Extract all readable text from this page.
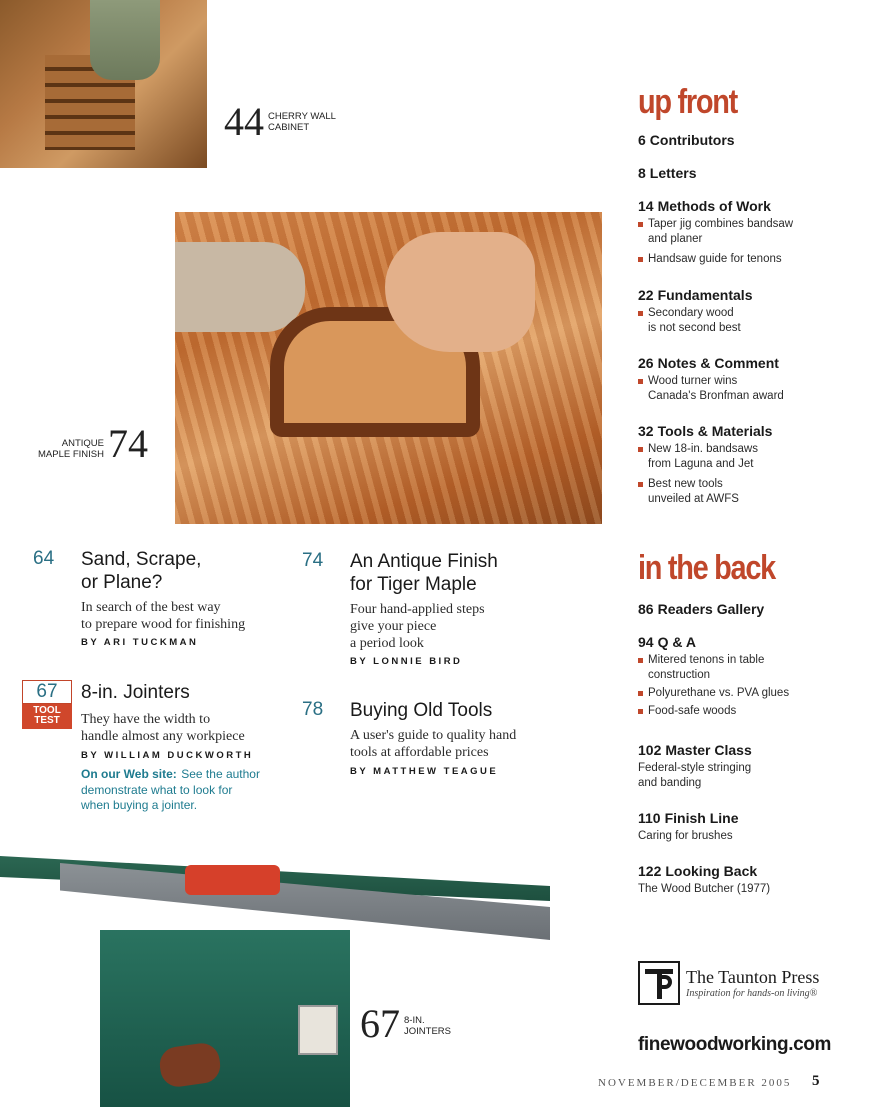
44 CHERRY WALL
CABINET
ANTIQUE
MAPLE FINISH 74
67 8-IN.
JOINTERS
64 Sand, Scrape,
or Plane?
In search of the best way
to prepare wood for finishing
BY ARI TUCKMAN
74 An Antique Finish
for Tiger Maple
Four hand-applied steps
give your piece
a period look
BY LONNIE BIRD
67
TOOL TEST
8-in. Jointers
They have the width to
handle almost any workpiece
BY WILLIAM DUCKWORTH
On our Web site: See the author
demonstrate what to look for
when buying a jointer.
78 Buying Old Tools
A user's guide to quality hand
tools at affordable prices
BY MATTHEW TEAGUE
up front
6 Contributors
8 Letters
14 Methods of Work
Taper jig combines bandsaw
and planer
Handsaw guide for tenons
22 Fundamentals
Secondary wood
is not second best
26 Notes & Comment
Wood turner wins
Canada's Bronfman award
32 Tools & Materials
New 18-in. bandsaws
from Laguna and Jet
Best new tools
unveiled at AWFS
in the back
86 Readers Gallery
94 Q & A
Mitered tenons in table
construction
Polyurethane vs. PVA glues
Food-safe woods
102 Master Class
Federal-style stringing
and banding
110 Finish Line
Caring for brushes
122 Looking Back
The Wood Butcher (1977)
The Taunton Press
Inspiration for hands-on living®
finewoodworking.com
NOVEMBER/DECEMBER 2005 5
